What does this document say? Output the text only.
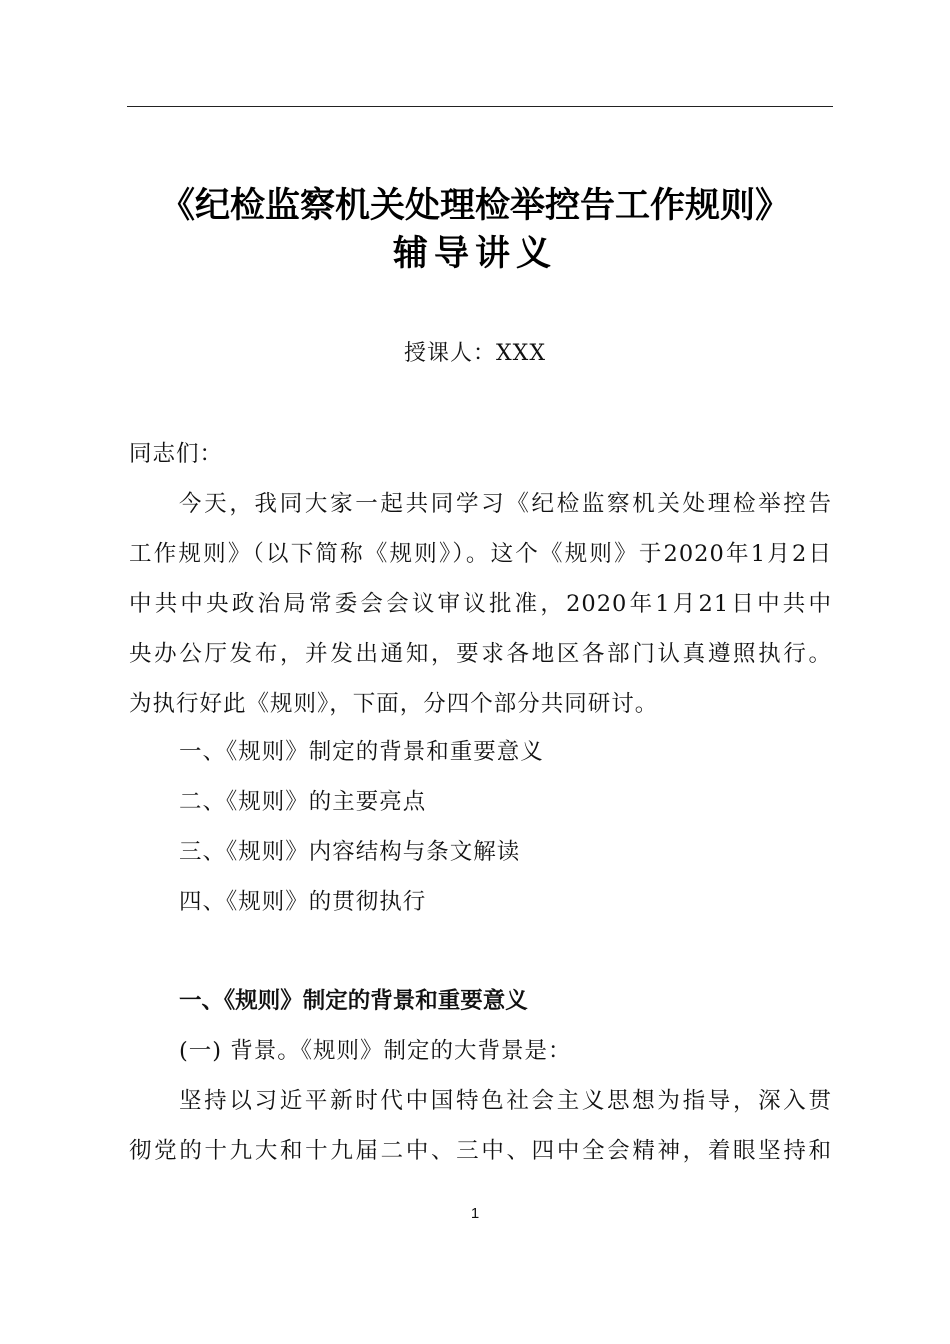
《纪检监察机关处理检举控告工作规则》
辅导讲义
授课人：XXX
同志们：
今天，我同大家一起共同学习《纪检监察机关处理检举控告
工作规则》（以下简称《规则》）。这个《规则》于2020年1月2日
中共中央政治局常委会会议审议批准，2020年1月21日中共中
央办公厅发布，并发出通知，要求各地区各部门认真遵照执行。
为执行好此《规则》，下面，分四个部分共同研讨。
一、《规则》制定的背景和重要意义
二、《规则》的主要亮点
三、《规则》内容结构与条文解读
四、《规则》的贯彻执行
一、《规则》制定的背景和重要意义
(一) 背景。《规则》制定的大背景是：
坚持以习近平新时代中国特色社会主义思想为指导，深入贯
彻党的十九大和十九届二中、三中、四中全会精神，着眼坚持和
1
